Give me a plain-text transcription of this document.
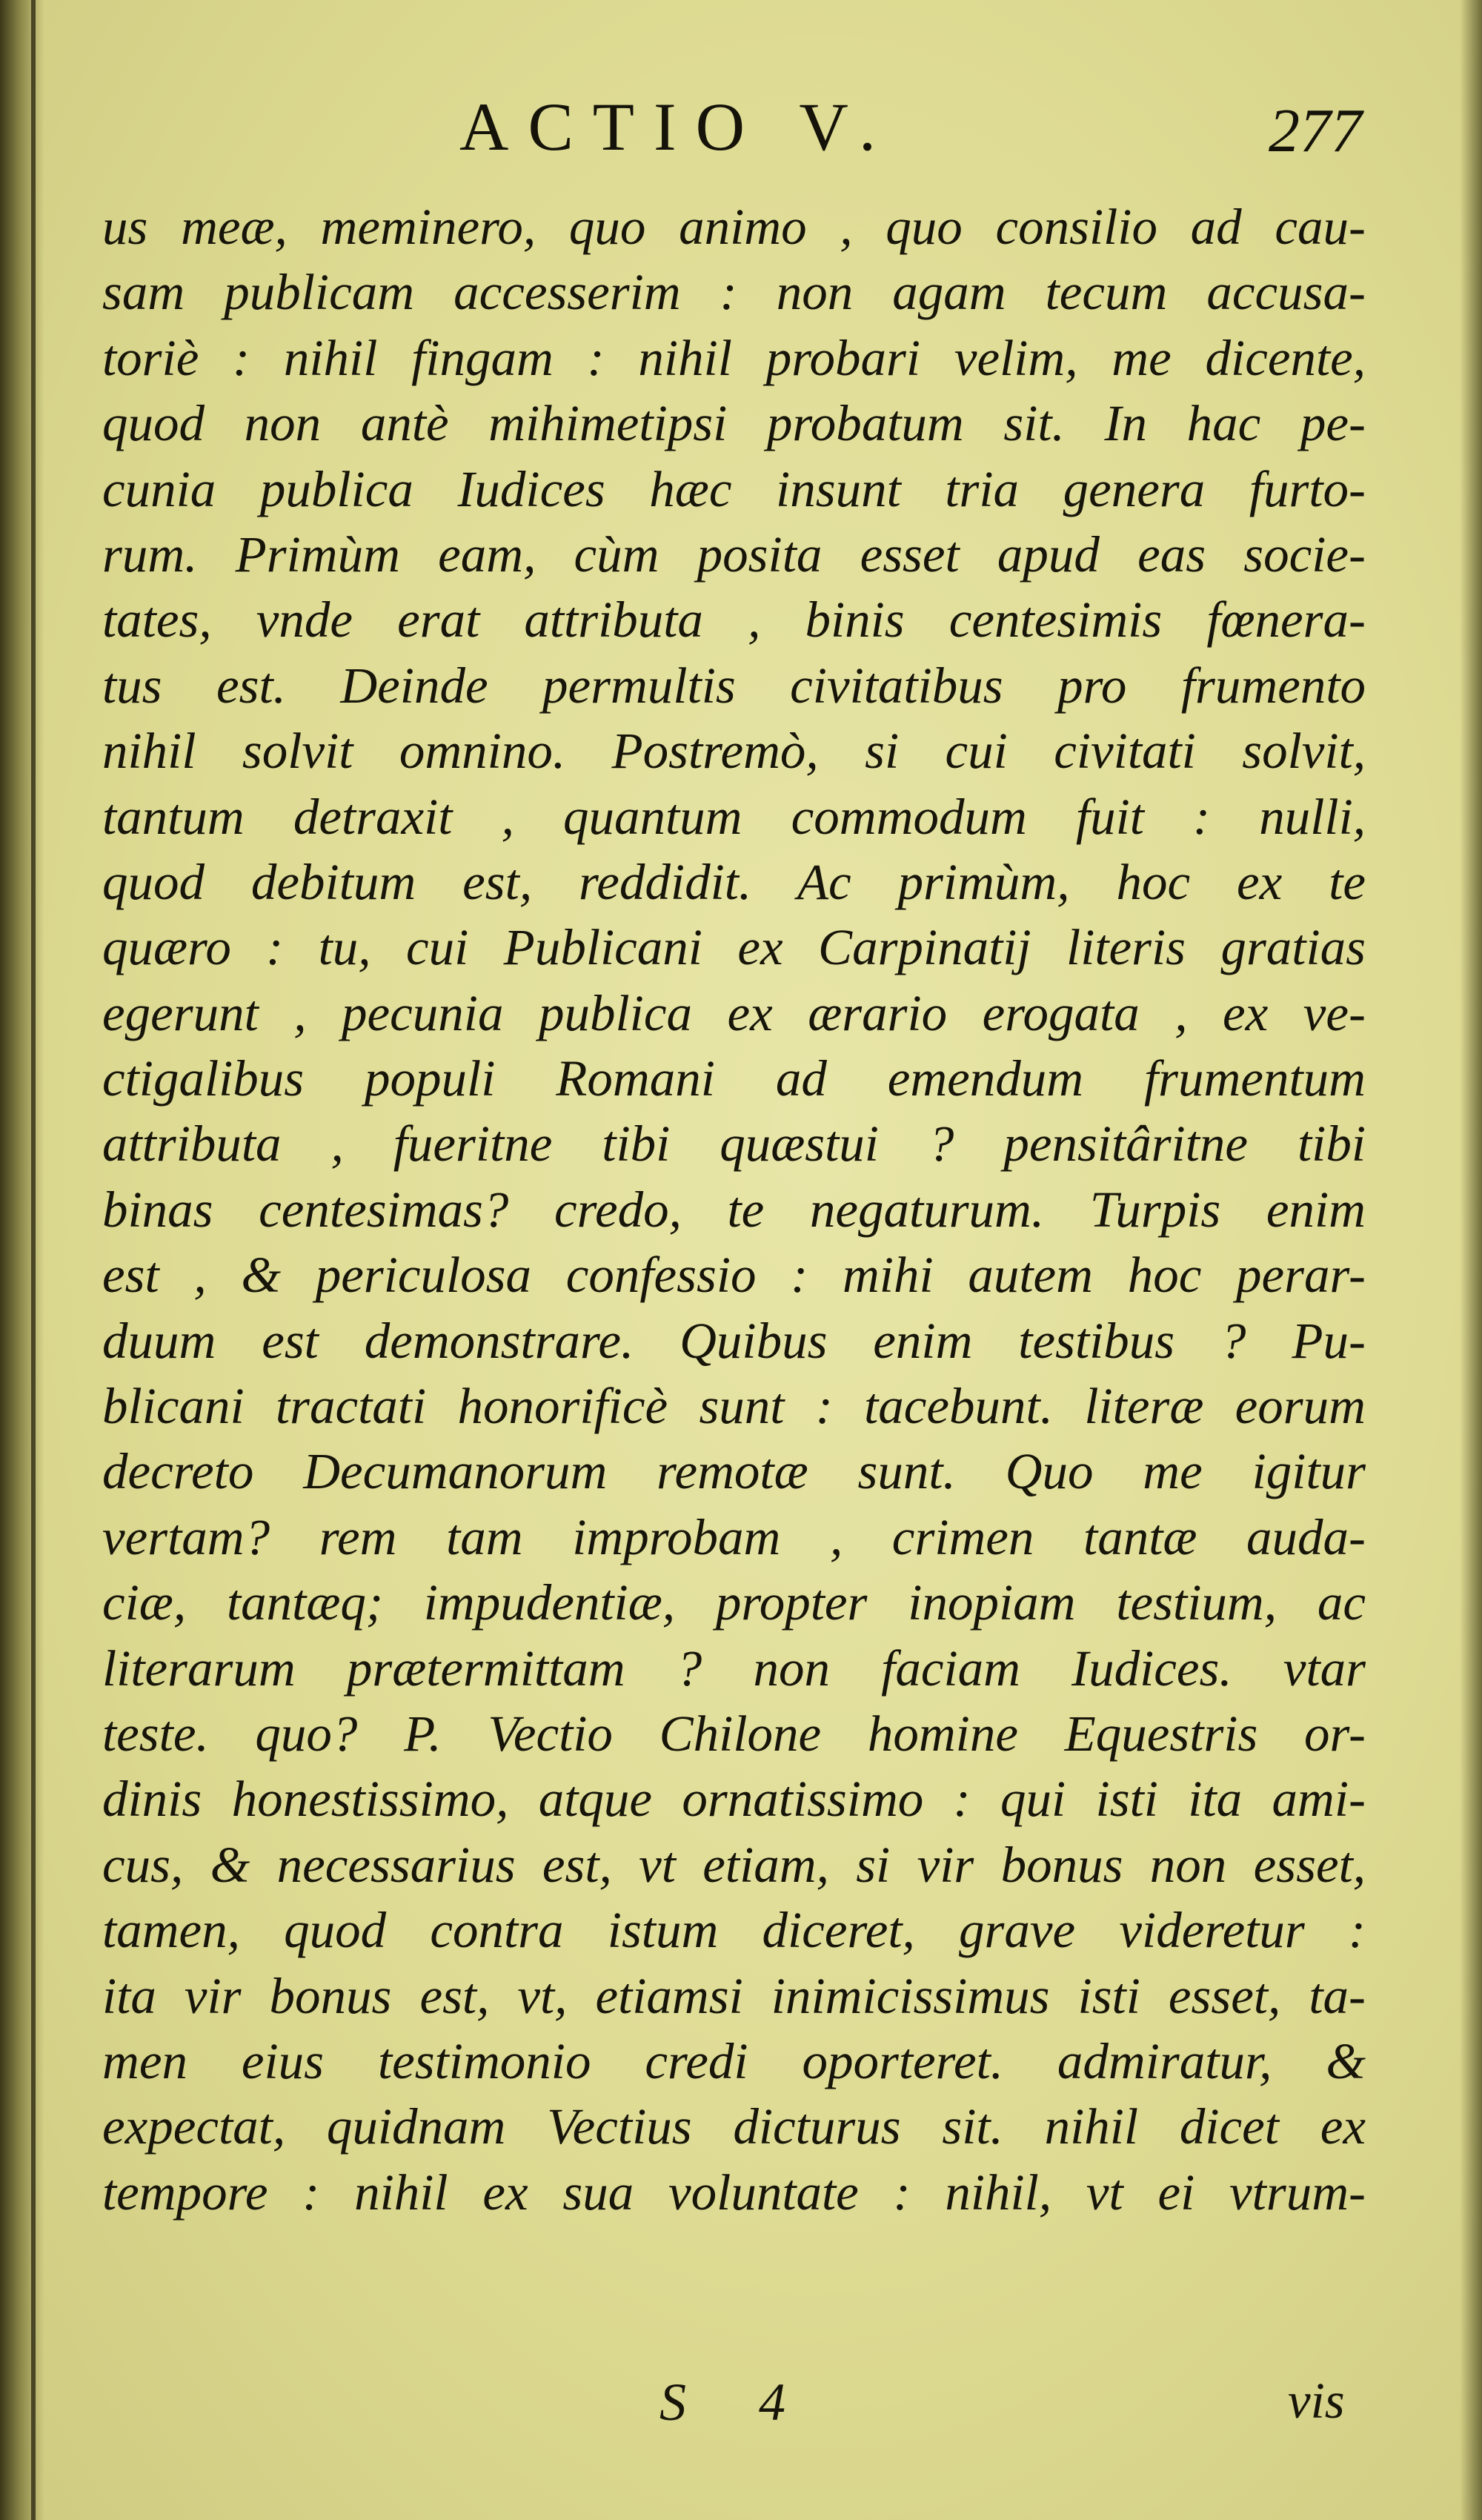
ACTIO V.	277
us meæ, meminero, quo animo , quo consilio ad cau-
sam publicam accesserim : non agam tecum accusa-
toriè : nihil fingam : nihil probari velim, me dicente,
quod non antè mihimetipsi probatum sit. In hac pe-
cunia publica Iudices hæc insunt tria genera furto-
rum. Primùm eam, cùm posita esset apud eas socie-
tates, vnde erat attributa , binis centesimis fœnera-
tus est. Deinde permultis civitatibus pro frumento
nihil solvit omnino. Postremò, si cui civitati solvit,
tantum detraxit , quantum commodum fuit : nulli,
quod debitum est, reddidit. Ac primùm, hoc ex te
quæro : tu, cui Publicani ex Carpinatij literis gratias
egerunt , pecunia publica ex ærario erogata , ex ve-
ctigalibus populi Romani ad emendum frumentum
attributa , fueritne tibi quæstui ? pensitâritne tibi
binas centesimas? credo, te negaturum. Turpis enim
est , & periculosa confessio : mihi autem hoc perar-
duum est demonstrare. Quibus enim testibus ? Pu-
blicani tractati honorificè sunt : tacebunt. literæ eorum
decreto Decumanorum remotæ sunt. Quo me igitur
vertam? rem tam improbam , crimen tantæ auda-
ciæ, tantæq; impudentiæ, propter inopiam testium, ac
literarum prætermittam ? non faciam Iudices. vtar
teste. quo? P. Vectio Chilone homine Equestris or-
dinis honestissimo, atque ornatissimo : qui isti ita ami-
cus, & necessarius est, vt etiam, si vir bonus non esset,
tamen, quod contra istum diceret, grave videretur :
ita vir bonus est, vt, etiamsi inimicissimus isti esset, ta-
men eius testimonio credi oporteret. admiratur, &
expectat, quidnam Vectius dicturus sit. nihil dicet ex
tempore : nihil ex sua voluntate : nihil, vt ei vtrum-
S 4	vis
